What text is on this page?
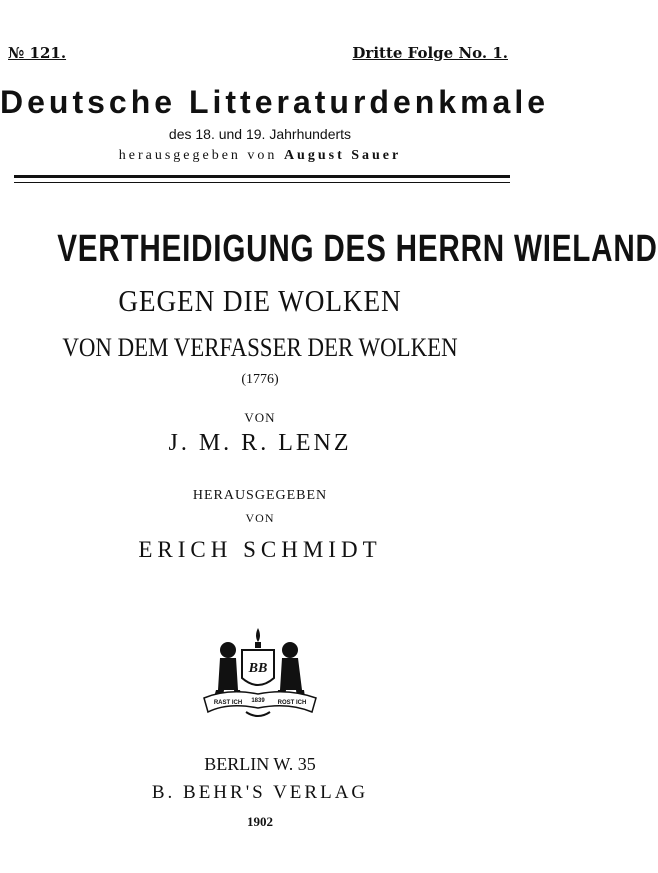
№ 121.	Dritte Folge No. 1.
Deutsche Litteraturdenkmale
des 18. und 19. Jahrhunderts
herausgegeben von August Sauer
VERTHEIDIGUNG DES HERRN WIELAND
GEGEN DIE WOLKEN
VON DEM VERFASSER DER WOLKEN
(1776)
VON
J. M. R. LENZ
HERAUSGEGEBEN
VON
ERICH SCHMIDT
BB
RAST ICH	ROST ICH
1839
BERLIN W. 35
B. BEHR'S VERLAG
1902
